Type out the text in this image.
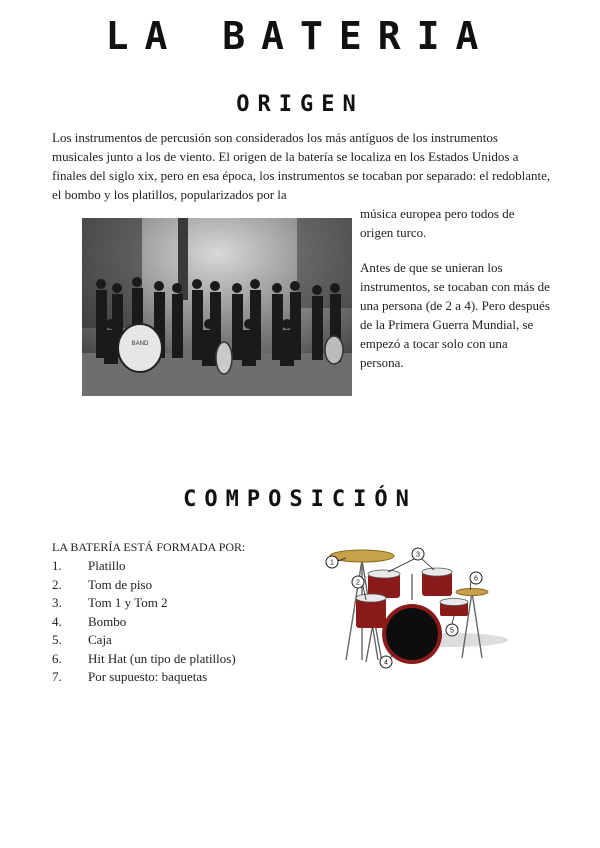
LA BATERIA
ORIGEN

Los instrumentos de percusión son considerados los más antíguos de los instrumentos musicales junto a los de viento. El origen de la batería se localiza en los Estados Unidos a finales del siglo xix, pero en esa época, los instrumentos se tocaban por separado: el redoblante, el bombo y los platillos, popularizados por la

BAND

música europea pero todos de origen turco.

Antes de que se unieran los instrumentos, se tocaban con más de una persona (de 2 a 4). Pero después de la Primera Guerra Mundial, se empezó a tocar solo con una persona.

COMPOSICIÓN

LA BATERÍA ESTÁ FORMADA POR:

1. Platillo
2. Tom de piso
3. Tom 1 y Tom 2
4. Bombo
5. Caja
6. Hit Hat (un tipo de platillos)
7. Por supuesto: baquetas
1
2
3
6
5
4
